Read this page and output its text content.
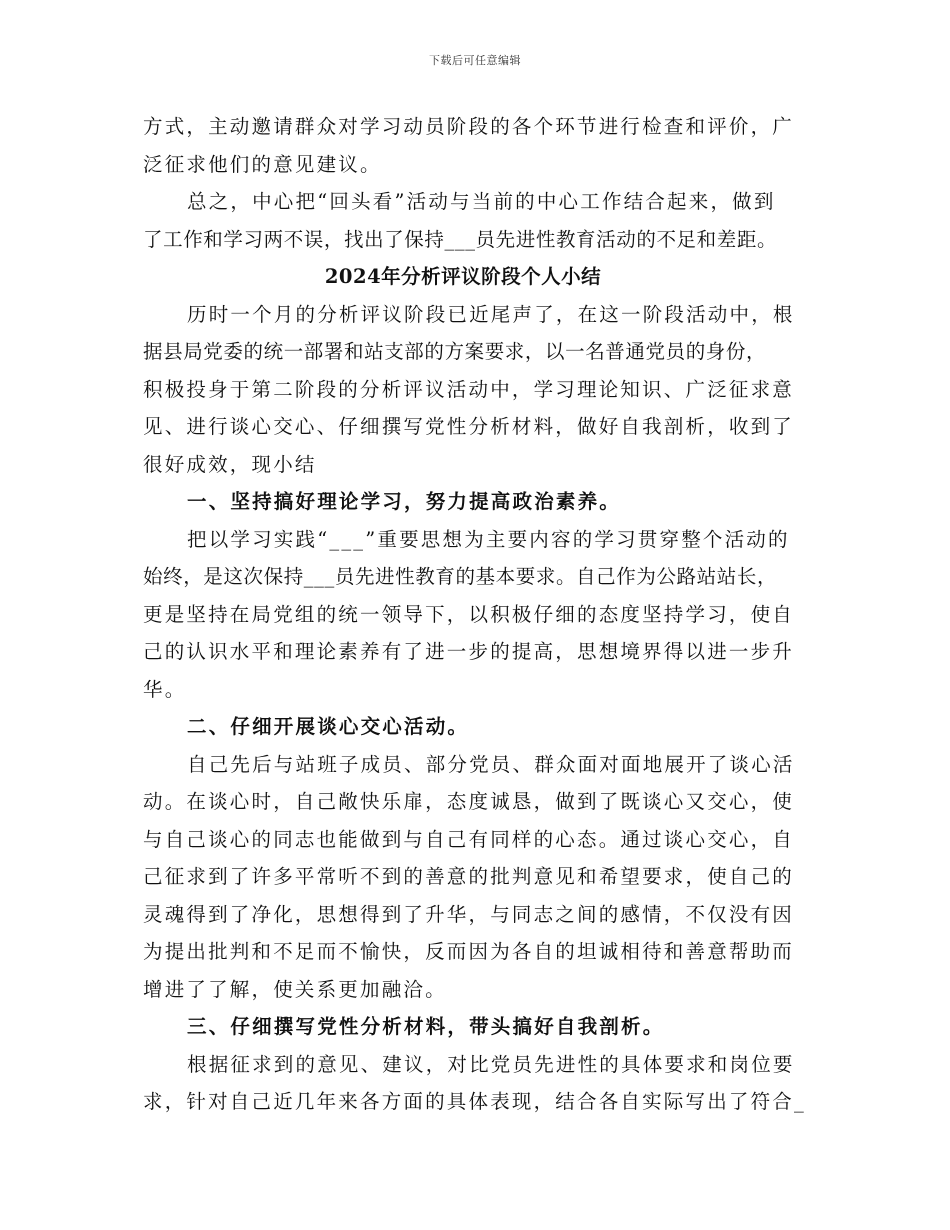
下载后可任意编辑
方式，主动邀请群众对学习动员阶段的各个环节进行检查和评价，广
泛征求他们的意见建议。
总之，中心把“回头看”活动与当前的中心工作结合起来，做到
了工作和学习两不误，找出了保持___员先进性教育活动的不足和差距。
2024年分析评议阶段个人小结
历时一个月的分析评议阶段已近尾声了，在这一阶段活动中，根
据县局党委的统一部署和站支部的方案要求，以一名普通党员的身份，
积极投身于第二阶段的分析评议活动中，学习理论知识、广泛征求意
见、进行谈心交心、仔细撰写党性分析材料，做好自我剖析，收到了
很好成效，现小结
一、坚持搞好理论学习，努力提高政治素养。
把以学习实践“___”重要思想为主要内容的学习贯穿整个活动的
始终，是这次保持___员先进性教育的基本要求。自己作为公路站站长，
更是坚持在局党组的统一领导下，以积极仔细的态度坚持学习，使自
己的认识水平和理论素养有了进一步的提高，思想境界得以进一步升
华。
二、仔细开展谈心交心活动。
自己先后与站班子成员、部分党员、群众面对面地展开了谈心活
动。在谈心时，自己敞快乐扉，态度诚恳，做到了既谈心又交心，使
与自己谈心的同志也能做到与自己有同样的心态。通过谈心交心，自
己征求到了许多平常听不到的善意的批判意见和希望要求，使自己的
灵魂得到了净化，思想得到了升华，与同志之间的感情，不仅没有因
为提出批判和不足而不愉快，反而因为各自的坦诚相待和善意帮助而
增进了了解，使关系更加融洽。
三、仔细撰写党性分析材料，带头搞好自我剖析。
根据征求到的意见、建议，对比党员先进性的具体要求和岗位要
求，针对自己近几年来各方面的具体表现，结合各自实际写出了符合_
